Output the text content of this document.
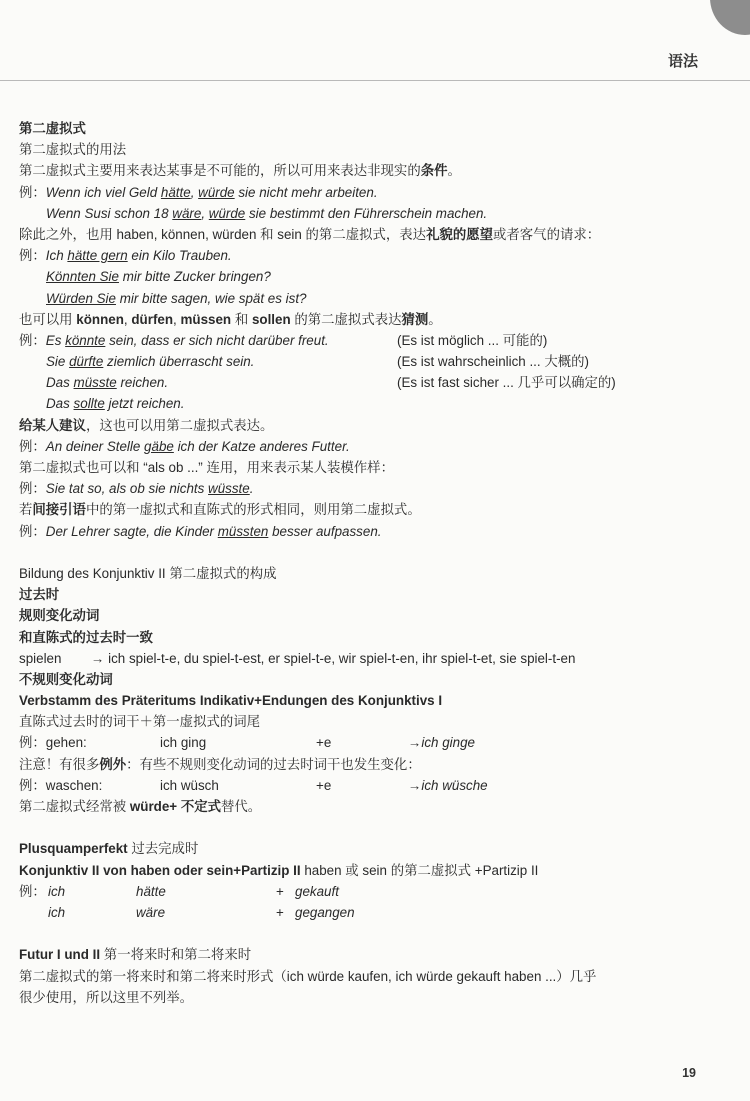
语法
第二虚拟式
第二虚拟式的用法
第二虚拟式主要用来表达某事是不可能的，所以可用来表达非现实的条件。
例：Wenn ich viel Geld hätte, würde sie nicht mehr arbeiten.
Wenn Susi schon 18 wäre, würde sie bestimmt den Führerschein machen.
除此之外，也用 haben, können, würden 和 sein 的第二虚拟式，表达礼貌的愿望或者客气的请求：
例：Ich hätte gern ein Kilo Trauben.
Könnten Sie mir bitte Zucker bringen?
Würden Sie mir bitte sagen, wie spät es ist?
也可以用 können, dürfen, müssen 和 sollen 的第二虚拟式表达猜测。
例：Es könnte sein, dass er sich nicht darüber freut.	(Es ist möglich ... 可能的)
Sie dürfte ziemlich überrascht sein.	(Es ist wahrscheinlich ... 大概的)
Das müsste reichen.	(Es ist fast sicher ... 几乎可以确定的)
Das sollte jetzt reichen.
给某人建议，这也可以用第二虚拟式表达。
例：An deiner Stelle gäbe ich der Katze anderes Futter.
第二虚拟式也可以和 “als ob ...” 连用，用来表示某人装模作样：
例：Sie tat so, als ob sie nichts wüsste.
若间接引语中的第一虚拟式和直陈式的形式相同，则用第二虚拟式。
例：Der Lehrer sagte, die Kinder müssten besser aufpassen.
Bildung des Konjunktiv II 第二虚拟式的构成
过去时
规则变化动词
和直陈式的过去时一致
spielen → ich spiel-t-e, du spiel-t-est, er spiel-t-e, wir spiel-t-en, ihr spiel-t-et, sie spiel-t-en
不规则变化动词
Verbstamm des Präteritums Indikativ+Endungen des Konjunktivs I
直陈式过去时的词干＋第一虚拟式的词尾
例：gehen:	ich ging	+e	→ich ginge
注意！有很多例外：有些不规则变化动词的过去时词干也发生变化：
例：waschen:	ich wüsch	+e	→ich wüsche
第二虚拟式经常被 würde+ 不定式替代。
Plusquamperfekt 过去完成时
Konjunktiv II von haben oder sein+Partizip II haben 或 sein 的第二虚拟式 +Partizip II
例： ich	hätte	+ gekauft
ich	wäre	+ gegangen
Futur I und II 第一将来时和第二将来时
第二虚拟式的第一将来时和第二将来时形式（ich würde kaufen, ich würde gekauft haben ...）几乎
很少使用，所以这里不列举。
19
